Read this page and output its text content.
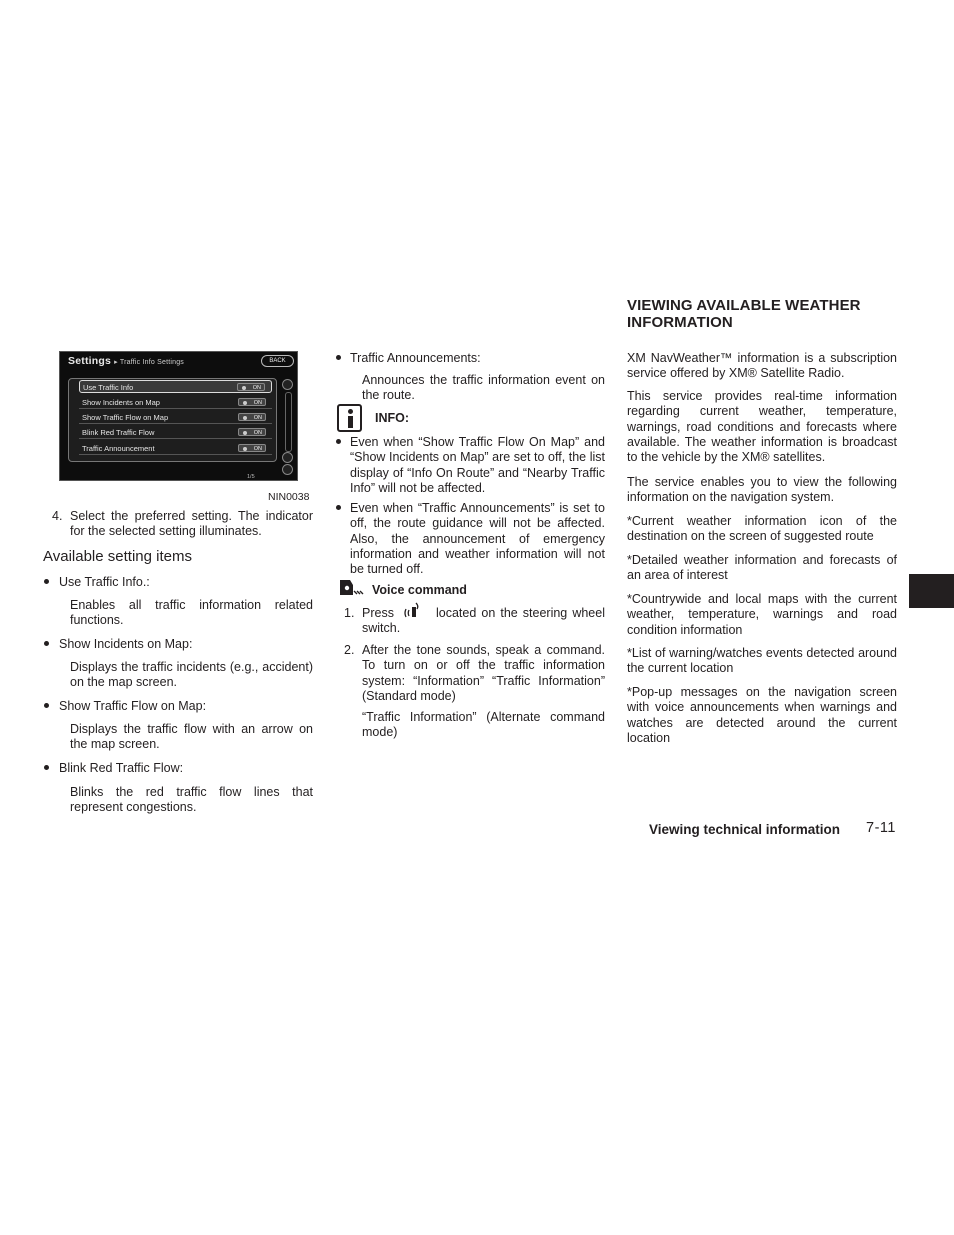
Settings ▸ Traffic Info Settings	BACK
Use Traffic Info	ON
Show Incidents on Map	ON
Show Traffic Flow on Map	ON
Blink Red Traffic Flow	ON
Traffic Announcement	ON
1/5
NIN0038
4. Select the preferred setting. The indicator for the selected setting illuminates.

Available setting items
Use Traffic Info.:

Enables all traffic information related functions.

Show Incidents on Map:

Displays the traffic incidents (e.g., accident) on the map screen.

Show Traffic Flow on Map:

Displays the traffic flow with an arrow on the map screen.

Blink Red Traffic Flow:

Blinks the red traffic flow lines that represent congestions.

Traffic Announcements:

Announces the traffic information event on the route.

INFO:

Even when “Show Traffic Flow On Map” and “Show Incidents on Map” are set to off, the list display of “Info On Route” and “Nearby Traffic Info” will not be affected.

Even when “Traffic Announcements” is set to off, the route guidance will not be affected. Also, the announcement of emergency information and weather information will not be turned off.

Voice command
1. Press	located on the steering wheel switch.

2. After the tone sounds, speak a command. To turn on or off the traffic information system: “Information” “Traffic Information” (Standard mode)

“Traffic Information” (Alternate command mode)

VIEWING AVAILABLE WEATHER INFORMATION

XM NavWeather™ information is a subscription service offered by XM® Satellite Radio.

This service provides real-time information regarding current weather, temperature, warnings, road conditions and forecasts where available. The weather information is broadcast to the vehicle by the XM® satellites.

The service enables you to view the following information on the navigation system.

*Current weather information icon of the destination on the screen of suggested route

*Detailed weather information and forecasts of an area of interest

*Countrywide and local maps with the current weather, temperature, warnings and road condition information

*List of warning/watches events detected around the current location

*Pop-up messages on the navigation screen with voice announcements when warnings and watches are detected around the current location

Viewing technical information 7-11
